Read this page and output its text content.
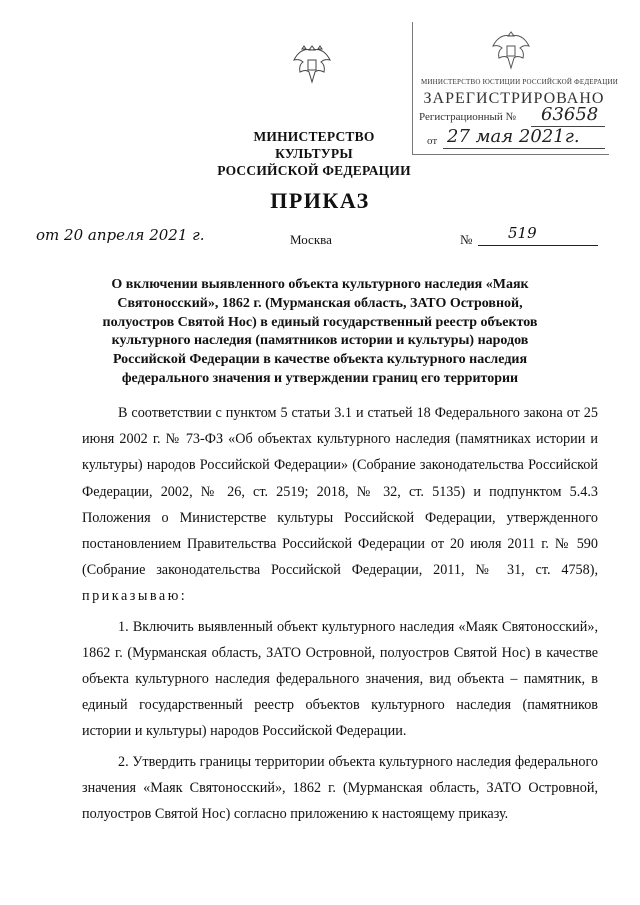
МИНИСТЕРСТВО КУЛЬТУРЫ
РОССИЙСКОЙ ФЕДЕРАЦИИ
МИНИСТЕРСТВО ЮСТИЦИИ РОССИЙСКОЙ ФЕДЕРАЦИИ
ЗАРЕГИСТРИРОВАНО
Регистрационный № 63658
от 27 мая 2021г.
ПРИКАЗ
от 20 апреля 2021 г.	Москва	№ 519
О включении выявленного объекта культурного наследия «Маяк Святоносский», 1862 г. (Мурманская область, ЗАТО Островной, полуостров Святой Нос) в единый государственный реестр объектов культурного наследия (памятников истории и культуры) народов Российской Федерации в качестве объекта культурного наследия федерального значения и утверждении границ его территории

В соответствии с пунктом 5 статьи 3.1 и статьей 18 Федерального закона от 25 июня 2002 г. № 73-ФЗ «Об объектах культурного наследия (памятниках истории и культуры) народов Российской Федерации» (Собрание законодательства Российской Федерации, 2002, № 26, ст. 2519; 2018, № 32, ст. 5135) и подпунктом 5.4.3 Положения о Министерстве культуры Российской Федерации, утвержденного постановлением Правительства Российской Федерации от 20 июля 2011 г. № 590 (Собрание законодательства Российской Федерации, 2011, № 31, ст. 4758), приказываю:

1. Включить выявленный объект культурного наследия «Маяк Святоносский», 1862 г. (Мурманская область, ЗАТО Островной, полуостров Святой Нос) в качестве объекта культурного наследия федерального значения, вид объекта – памятник, в единый государственный реестр объектов культурного наследия (памятников истории и культуры) народов Российской Федерации.

2. Утвердить границы территории объекта культурного наследия федерального значения «Маяк Святоносский», 1862 г. (Мурманская область, ЗАТО Островной, полуостров Святой Нос) согласно приложению к настоящему приказу.
